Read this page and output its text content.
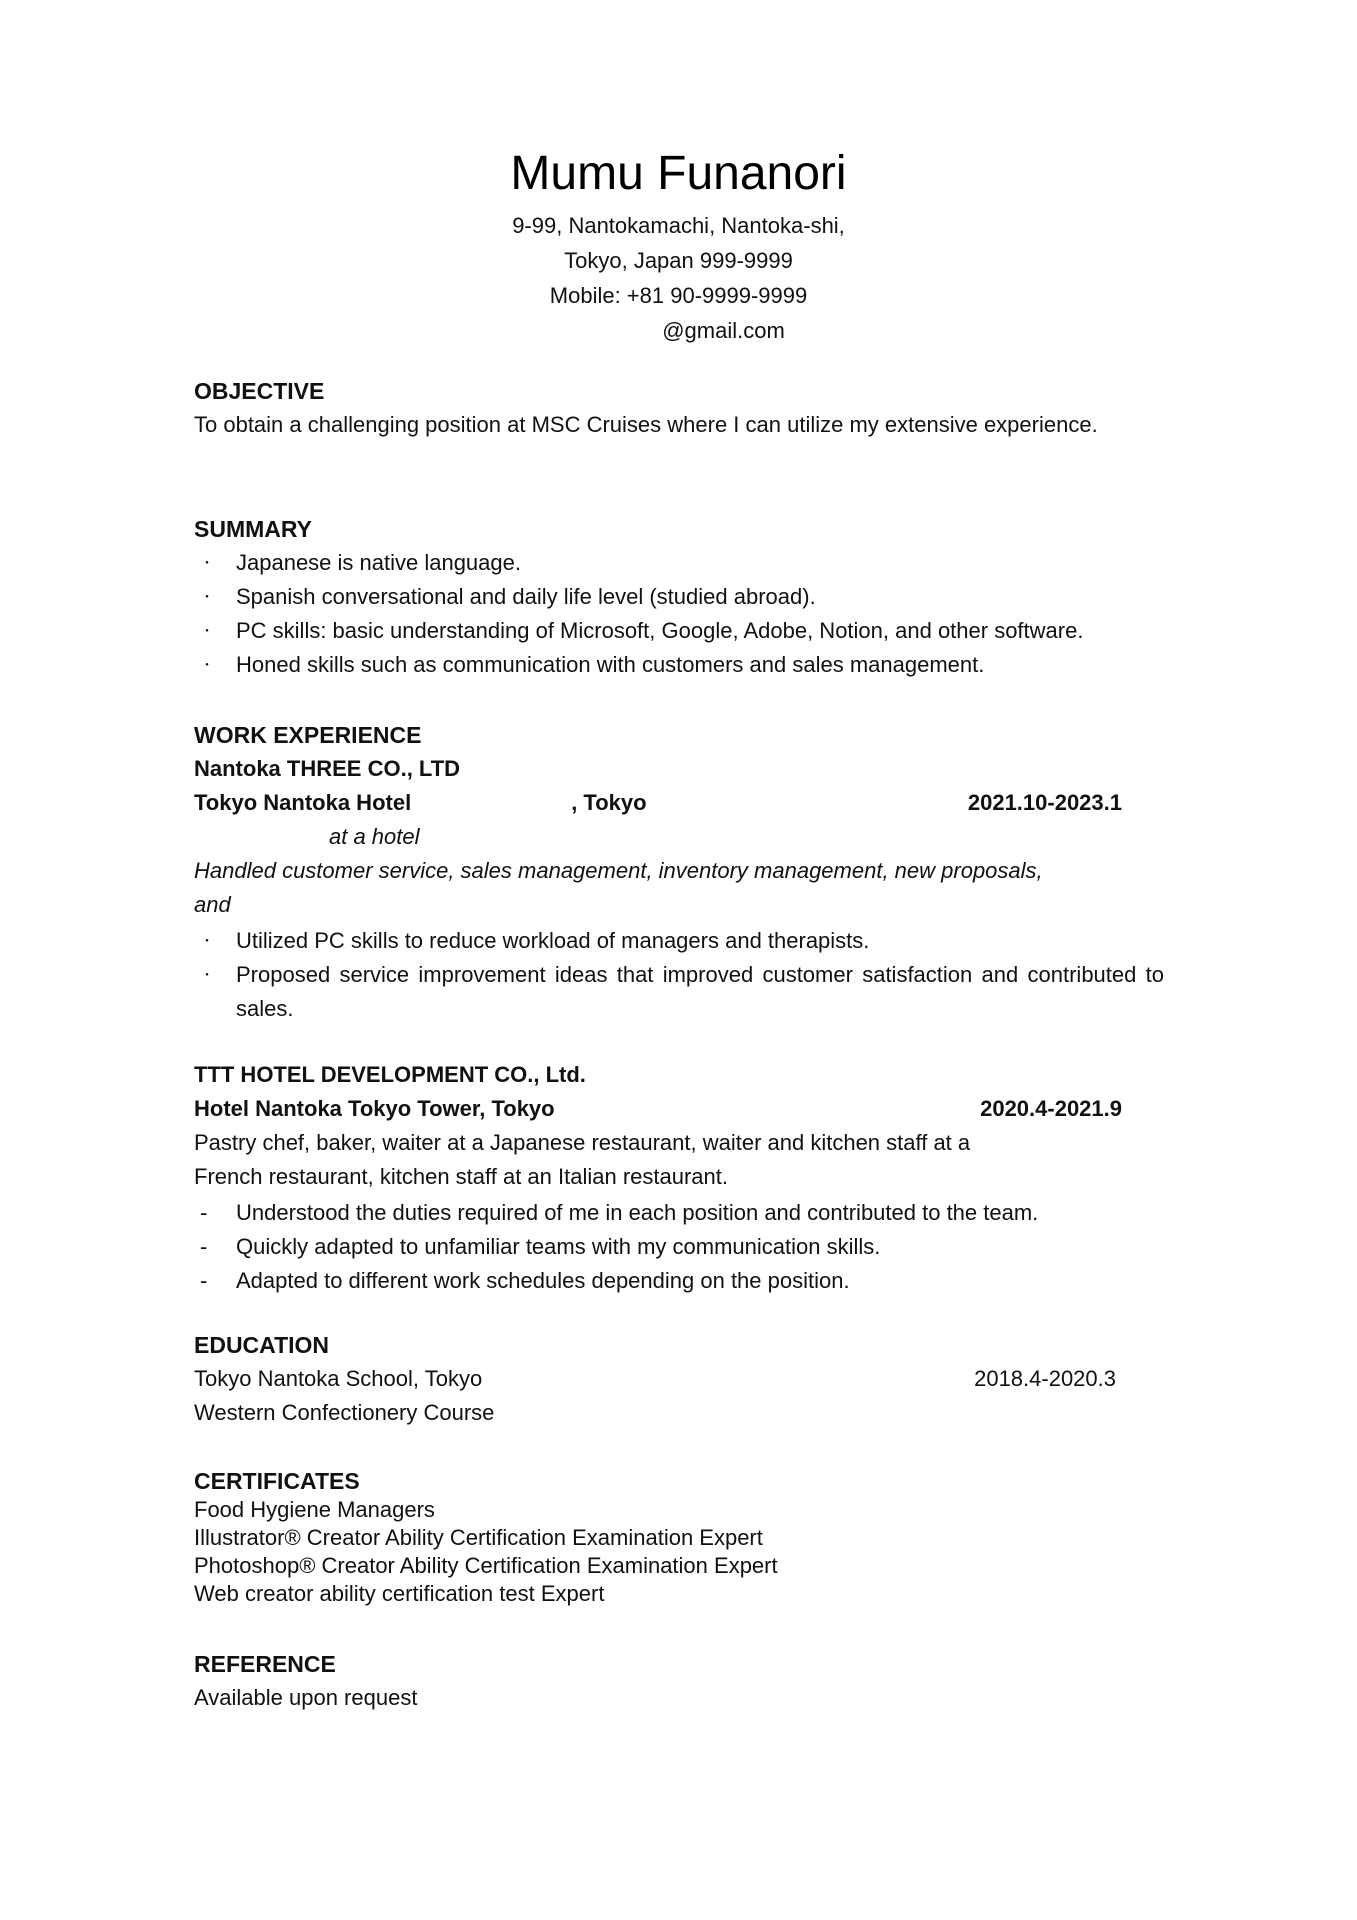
Mumu Funanori
9-99, Nantokamachi, Nantoka-shi,
Tokyo, Japan 999-9999
Mobile: +81 90-9999-9999
@gmail.com
OBJECTIVE
To obtain a challenging position at MSC Cruises where I can utilize my extensive experience.
SUMMARY
・	Japanese is native language.
・	Spanish conversational and daily life level (studied abroad).
・	PC skills: basic understanding of Microsoft, Google, Adobe, Notion, and other software.
・	Honed skills such as communication with customers and sales management.
WORK EXPERIENCE
Nantoka THREE CO., LTD
Tokyo Nantoka Hotel	, Tokyo	2021.10-2023.1
at a hotel
Handled customer service, sales management, inventory management, new proposals,
and
・	Utilized PC skills to reduce workload of managers and therapists.
・	Proposed service improvement ideas that improved customer satisfaction and contributed to sales.
TTT HOTEL DEVELOPMENT CO., Ltd.
Hotel Nantoka Tokyo Tower, Tokyo	2020.4-2021.9
Pastry chef, baker, waiter at a Japanese restaurant, waiter and kitchen staff at a
French restaurant, kitchen staff at an Italian restaurant.
-	Understood the duties required of me in each position and contributed to the team.
-	Quickly adapted to unfamiliar teams with my communication skills.
-	Adapted to different work schedules depending on the position.
EDUCATION
Tokyo Nantoka School, Tokyo	2018.4-2020.3
Western Confectionery Course
CERTIFICATES
Food Hygiene Managers
Illustrator® Creator Ability Certification Examination Expert
Photoshop® Creator Ability Certification Examination Expert
Web creator ability certification test Expert
REFERENCE
Available upon request
